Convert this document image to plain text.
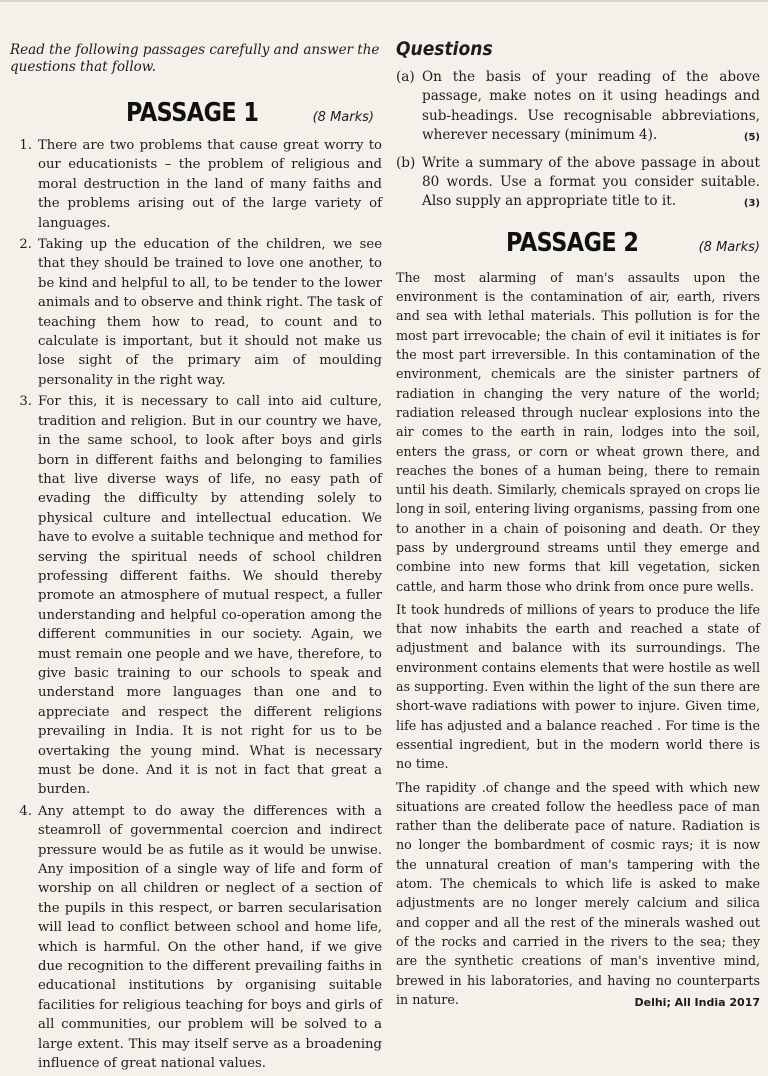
Read the following passages carefully and answer the questions that follow.

PASSAGE 1	(8 Marks)
1. There are two problems that cause great worry to our educationists – the problem of religious and moral destruction in the land of many faiths and the problems arising out of the large variety of languages.
2. Taking up the education of the children, we see that they should be trained to love one another, to be kind and helpful to all, to be tender to the lower animals and to observe and think right. The task of teaching them how to read, to count and to calculate is important, but it should not make us lose sight of the primary aim of moulding personality in the right way.
3. For this, it is necessary to call into aid culture, tradition and religion. But in our country we have, in the same school, to look after boys and girls born in different faiths and belonging to families that live diverse ways of life, no easy path of evading the difficulty by attending solely to physical culture and intellectual education. We have to evolve a suitable technique and method for serving the spiritual needs of school children professing different faiths. We should thereby promote an atmosphere of mutual respect, a fuller understanding and helpful co-operation among the different communities in our society. Again, we must remain one people and we have, therefore, to give basic training to our schools to speak and understand more languages than one and to appreciate and respect the different religions prevailing in India. It is not right for us to be overtaking the young mind. What is necessary must be done. And it is not in fact that great a burden.
4. Any attempt to do away the differences with a steamroll of governmental coercion and indirect pressure would be as futile as it would be unwise. Any imposition of a single way of life and form of worship on all children or neglect of a section of the pupils in this respect, or barren secularisation will lead to conflict between school and home life, which is harmful. On the other hand, if we give due recognition to the different prevailing faiths in educational institutions by organising suitable facilities for religious teaching for boys and girls of all communities, our problem will be solved to a large extent. This may itself serve as a broadening influence of great national values.
Questions
(a) On the basis of your reading of the above passage, make notes on it using headings and sub-headings. Use recognisable abbreviations, wherever necessary (minimum 4).	(5)
(b) Write a summary of the above passage in about 80 words. Use a format you consider suitable. Also supply an appropriate title to it.	(3)
PASSAGE 2	(8 Marks)

The most alarming of man's assaults upon the environment is the contamination of air, earth, rivers and sea with lethal materials. This pollution is for the most part irrevocable; the chain of evil it initiates is for the most part irreversible. In this contamination of the environment, chemicals are the sinister partners of radiation in changing the very nature of the world; radiation released through nuclear explosions into the air comes to the earth in rain, lodges into the soil, enters the grass, or corn or wheat grown there, and reaches the bones of a human being, there to remain until his death. Similarly, chemicals sprayed on crops lie long in soil, entering living organisms, passing from one to another in a chain of poisoning and death. Or they pass by underground streams until they emerge and combine into new forms that kill vegetation, sicken cattle, and harm those who drink from once pure wells.

It took hundreds of millions of years to produce the life that now inhabits the earth and reached a state of adjustment and balance with its surroundings. The environment contains elements that were hostile as well as supporting. Even within the light of the sun there are short-wave radiations with power to injure. Given time, life has adjusted and a balance reached . For time is the essential ingredient, but in the modern world there is no time.

The rapidity .of change and the speed with which new situations are created follow the heedless pace of man rather than the deliberate pace of nature. Radiation is no longer the bombardment of cosmic rays; it is now the unnatural creation of man's tampering with the atom. The chemicals to which life is asked to make adjustments are no longer merely calcium and silica and copper and all the rest of the minerals washed out of the rocks and carried in the rivers to the sea; they are the synthetic creations of man's inventive mind, brewed in his laboratories, and having no counterparts in nature.	Delhi; All India 2017
